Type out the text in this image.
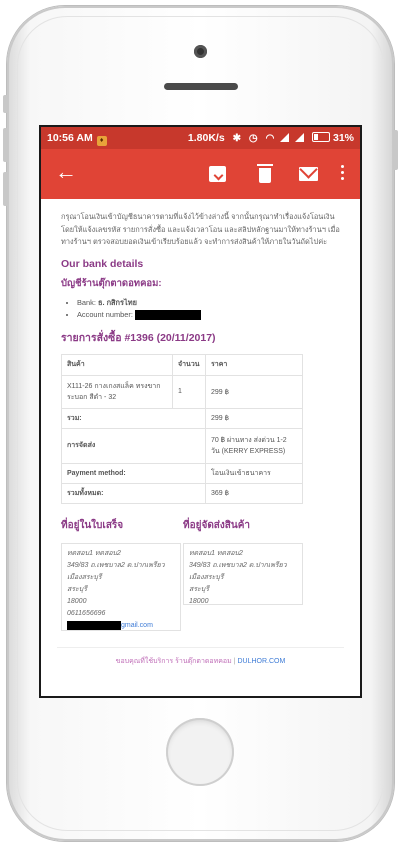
10:56 AM ♦	1.80K/s ✱ ◷ ◠	31%
←

กรุณาโอนเงินเข้าบัญชีธนาคารตามที่แจ้งไว้ข้างล่างนี้ จากนั้นกรุณาทำเรื่องแจ้งโอนเงิน โดยให้แจ้งเลขรหัส รายการสั่งซื้อ และแจ้งเวลาโอน และสลิปหลักฐานมาให้ทางร้านฯ เมื่อทางร้านฯ ตรวจสอบยอดเงินเข้าเรียบร้อยแล้ว จะทำการส่งสินค้าให้ภายในวันถัดไปค่ะ

Our bank details
บัญชีร้านตุ๊กตาดอทคอม:
• Bank: ธ. กสิกรไทย
• Account number:
รายการสั่งซื้อ #1396 (20/11/2017)
สินค้า	จำนวน	ราคา
X111-26 กางเกงสแล็ค ทรงขากระบอก สีดำ - 32	1	299 ฿
รวม:		299 ฿
การจัดส่ง		70 ฿ ผ่านทาง ส่งด่วน 1-2 วัน (KERRY EXPRESS)
Payment method:		โอนเงินเข้าธนาคาร
รวมทั้งหมด:		369 ฿
ที่อยู่ในใบเสร็จ
ทดสอบ1 ทดสอบ2
349/83 ถ.เพชบาล2 ต.ปากเพรียว
เมืองสระบุรี
สระบุรี
18000
0611656696
gmail.com
ที่อยู่จัดส่งสินค้า
ทดสอบ1 ทดสอบ2
349/83 ถ.เพชบาล2 ต.ปากเพรียว
เมืองสระบุรี
สระบุรี
18000
ขอบคุณที่ใช้บริการ ร้านตุ๊กตาดอทคอม | DULHOR.COM
